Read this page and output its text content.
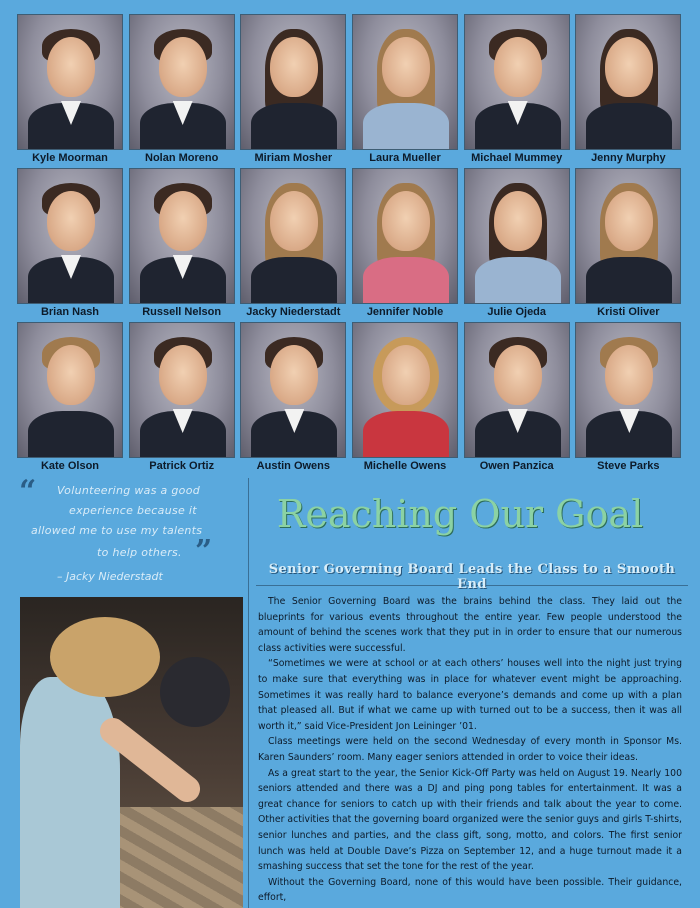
Kyle Moorman	Nolan Moreno	Miriam Mosher	Laura Mueller	Michael Mummey	Jenny Murphy
Brian Nash	Russell Nelson	Jacky Niederstadt	Jennifer Noble	Julie Ojeda	Kristi Oliver
Kate Olson	Patrick Ortiz	Austin Owens	Michelle Owens	Owen Panzica	Steve Parks
“ Volunteering was a good
experience because it
allowed me to use my talents
to help others. ”
– Jacky Niederstadt
Reaching Our Goal
Senior Governing Board Leads the Class to a Smooth End

The Senior Governing Board was the brains behind the class. They laid out the blueprints for various events throughout the entire year. Few people understood the amount of behind the scenes work that they put in in order to ensure that our numerous class activities were successful.

“Sometimes we were at school or at each others’ houses well into the night just trying to make sure that everything was in place for whatever event might be approaching. Sometimes it was really hard to balance everyone’s demands and come up with a plan that pleased all. But if what we came up with turned out to be a success, then it was all worth it,” said Vice-President Jon Leininger ’01.

Class meetings were held on the second Wednesday of every month in Sponsor Ms. Karen Saunders’ room. Many eager seniors attended in order to voice their ideas.

As a great start to the year, the Senior Kick-Off Party was held on August 19. Nearly 100 seniors attended and there was a DJ and ping pong tables for entertainment. It was a great chance for seniors to catch up with their friends and talk about the year to come. Other activities that the governing board organized were the senior guys and girls T-shirts, senior lunches and parties, and the class gift, song, motto, and colors. The first senior lunch was held at Double Dave’s Pizza on September 12, and a huge turnout made it a smashing success that set the tone for the rest of the year.

Without the Governing Board, none of this would have been possible. Their guidance, effort,
